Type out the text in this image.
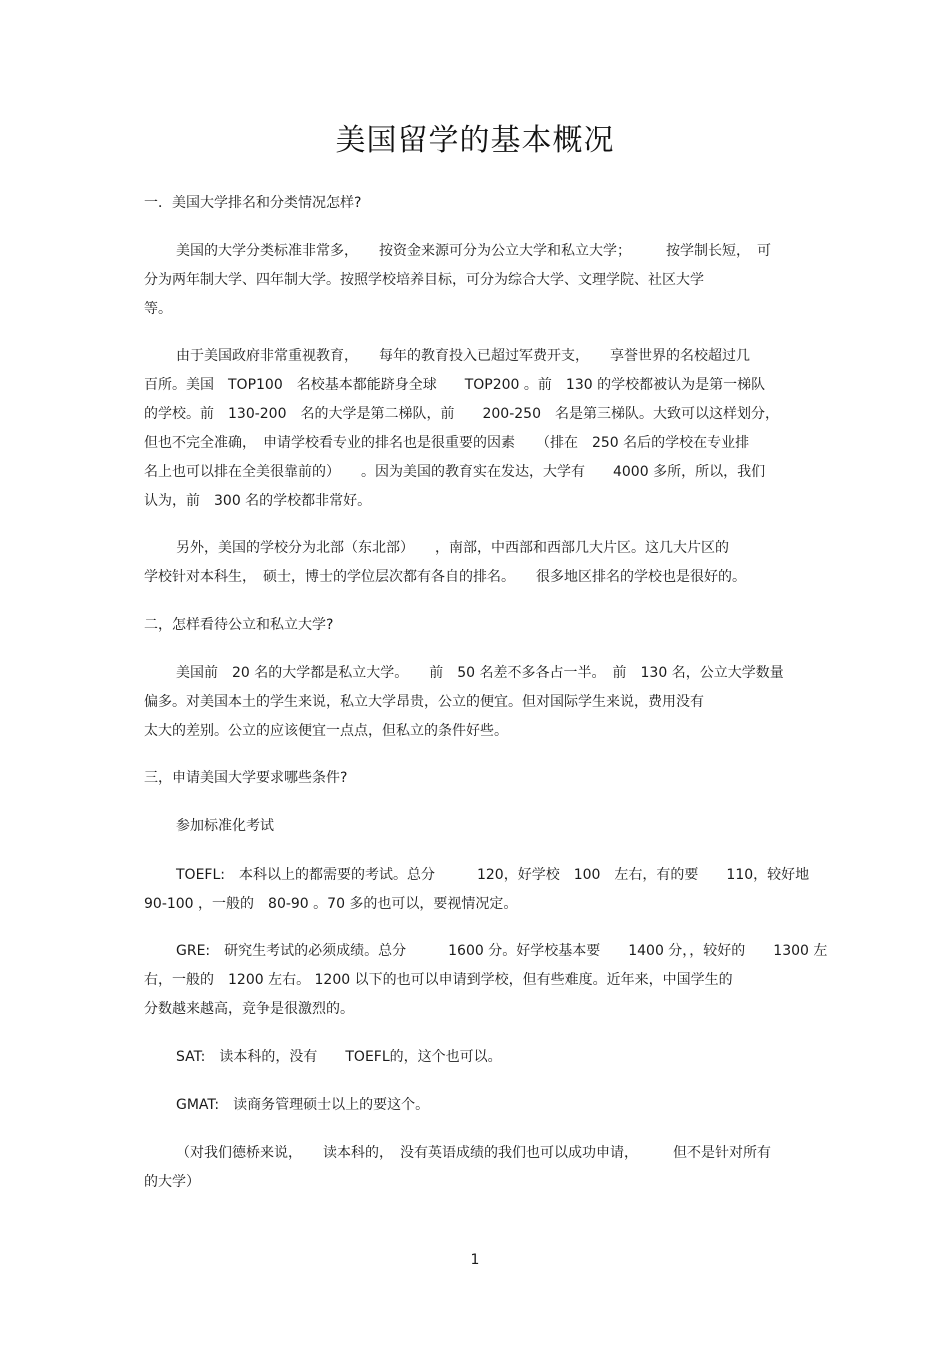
美国留学的基本概况
一．美国大学排名和分类情况怎样?
美国的大学分类标准非常多，　　按资金来源可分为公立大学和私立大学；　　　按学制长短，　可
分为两年制大学、四年制大学。按照学校培养目标，可分为综合大学、文理学院、社区大学
等。
由于美国政府非常重视教育，　　每年的教育投入已超过军费开支，　　享誉世界的名校超过几
百所。美国　TOP100　名校基本都能跻身全球　　TOP200 。前　130 的学校都被认为是第一梯队
的学校。前　130-200　名的大学是第二梯队，前　　200-250　名是第三梯队。大致可以这样划分，
但也不完全准确，　申请学校看专业的排名也是很重要的因素　　（排在　250 名后的学校在专业排
名上也可以排在全美很靠前的）　　。因为美国的教育实在发达，大学有　　4000 多所，所以，我们
认为，前　300 名的学校都非常好。
另外，美国的学校分为北部（东北部）　　，南部，中西部和西部几大片区。这几大片区的
学校针对本科生，　硕士，博士的学位层次都有各自的排名。　　很多地区排名的学校也是很好的。
二，怎样看待公立和私立大学?
美国前　20 名的大学都是私立大学。　　前　50 名差不多各占一半。　前　130 名，公立大学数量
偏多。对美国本土的学生来说，私立大学昂贵，公立的便宜。但对国际学生来说，费用没有
太大的差别。公立的应该便宜一点点，但私立的条件好些。
三，申请美国大学要求哪些条件?
参加标准化考试
TOEFL:　本科以上的都需要的考试。总分　　　120，好学校　100　左右，有的要　　110，较好地
90-100 ，一般的　80-90 。70 多的也可以，要视情况定。
GRE:　研究生考试的必须成绩。总分　　　1600 分。好学校基本要　　1400 分，，较好的　　1300 左
右，一般的　1200 左右。 1200 以下的也可以申请到学校，但有些难度。近年来，中国学生的
分数越来越高，竞争是很激烈的。
SAT:　读本科的，没有　　TOEFL的，这个也可以。
GMAT:　读商务管理硕士以上的要这个。
（对我们德桥来说，　　读本科的，　没有英语成绩的我们也可以成功申请，　　　但不是针对所有
的大学）
1
